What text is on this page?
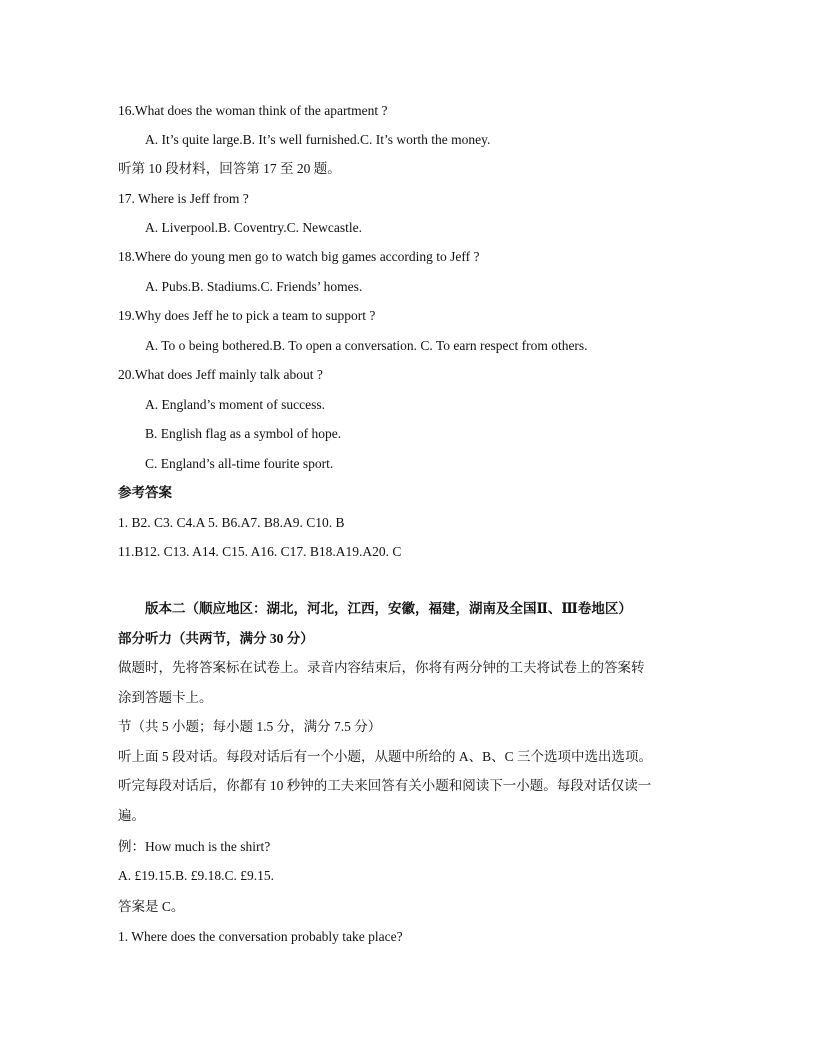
16.What does the woman think of the apartment ?
A. It’s quite large.B. It’s well furnished.C. It’s worth the money.
听第 10 段材料，回答第 17 至 20 题。
17. Where is Jeff from ?
A. Liverpool.B. Coventry.C. Newcastle.
18.Where do young men go to watch big games according to Jeff ?
A. Pubs.B. Stadiums.C. Friends’ homes.
19.Why does Jeff he to pick a team to support ?
A. To o being bothered.B. To open a conversation. C. To earn respect from others.
20.What does Jeff mainly talk about ?
A. England’s moment of success.
B. English flag as a symbol of hope.
C. England’s all-time fourite sport.
参考答案
1. B2. C3. C4.A 5. B6.A7. B8.A9. C10. B
11.B12. C13. A14. C15. A16. C17. B18.A19.A20. C
版本二（顺应地区：湖北，河北，江西，安徽，福建，湖南及全国Ⅱ、Ⅲ卷地区）
部分听力（共两节，满分 30 分）
做题时，先将答案标在试卷上。录音内容结束后，你将有两分钟的工夫将试卷上的答案转
涂到答题卡上。
节（共 5 小题；每小题 1.5 分，满分 7.5 分）
听上面 5 段对话。每段对话后有一个小题，从题中所给的 A、B、C 三个选项中选出选项。
听完每段对话后，你都有 10 秒钟的工夫来回答有关小题和阅读下一小题。每段对话仅读一
遍。
例：How much is the shirt?
A. £19.15.B. £9.18.C. £9.15.
答案是 C。
1. Where does the conversation probably take place?
